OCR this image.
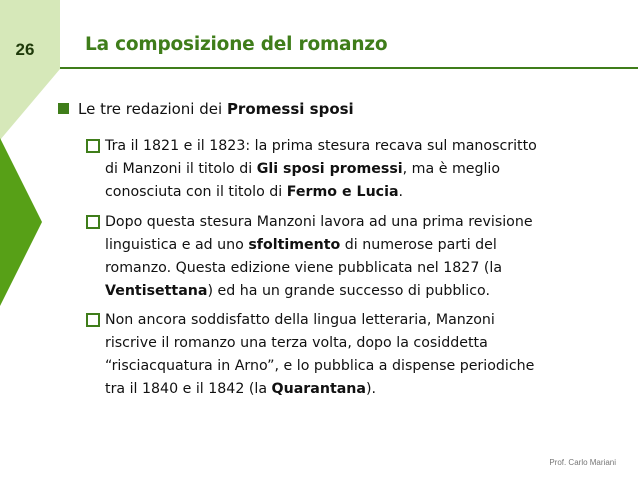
26	La composizione del romanzo
Le tre redazioni dei Promessi sposi
Tra il 1821 e il 1823: la prima stesura recava sul manoscritto
di Manzoni il titolo di Gli sposi promessi, ma è meglio
conosciuta con il titolo di Fermo e Lucia.
Dopo questa stesura Manzoni lavora ad una prima revisione
linguistica e ad uno sfoltimento di numerose parti del
romanzo. Questa edizione viene pubblicata nel 1827 (la
Ventisettana) ed ha un grande successo di pubblico.
Non ancora soddisfatto della lingua letteraria, Manzoni
riscrive il romanzo una terza volta, dopo la cosiddetta
“risciacquatura in Arno”, e lo pubblica a dispense periodiche
tra il 1840 e il 1842 (la Quarantana).
Prof. Carlo Mariani
